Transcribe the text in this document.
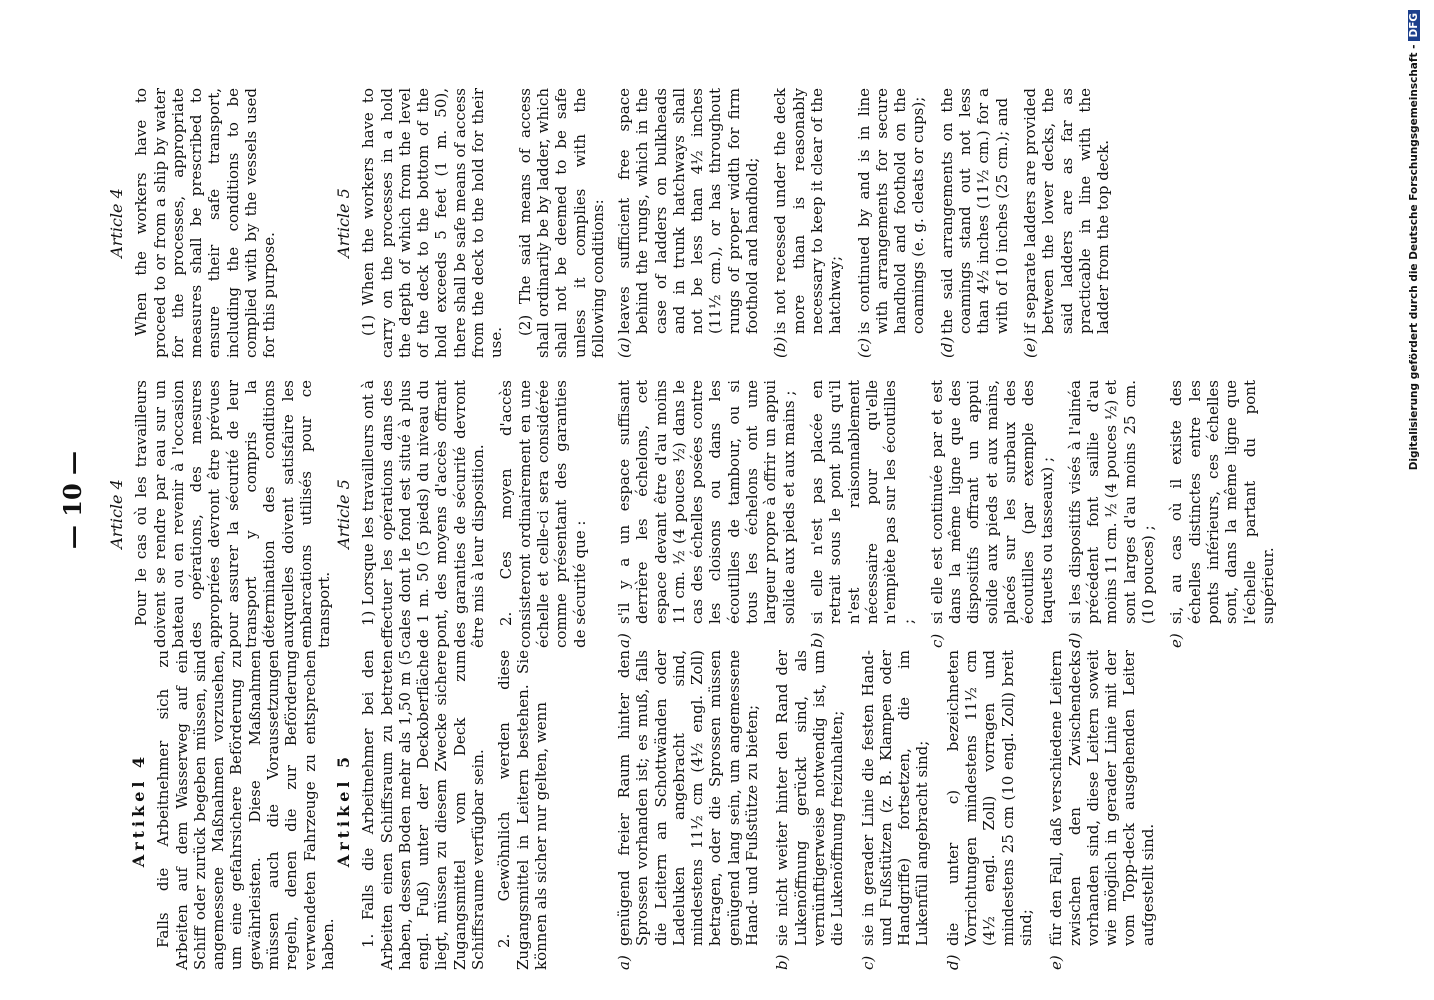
— 10 —
Artikel 4 Falls die Arbeitnehmer sich zu Arbeiten auf dem Wasserweg auf ein Schiff oder zurück begeben müssen, sind angemessene Maßnahmen vorzusehen, um eine gefahrsichere Beförderung zu gewährleisten. Diese Maßnahmen müssen auch die Voraussetzungen regeln, denen die zur Beförderung verwendeten Fahrzeuge zu entsprechen haben.

Artikel 5 1. Falls die Arbeitnehmer bei den Arbeiten einen Schiffsraum zu betreten haben, dessen Boden mehr als 1,50 m (5 engl. Fuß) unter der Deckoberfläche liegt, müssen zu diesem Zwecke sichere Zugangsmittel vom Deck zum Schiffsraume verfügbar sein. 2. Gewöhnlich werden diese Zugangsmittel in Leitern bestehen. Sie können als sicher nur gelten, wenn	a)
genügend freier Raum hinter den Sprossen vorhanden ist; es muß, falls die Leitern an Schottwänden oder Ladeluken angebracht sind, mindestens 11½ cm (4½ engl. Zoll) betragen, oder die Sprossen müssen genügend lang sein, um angemessene Hand- und Fußstütze zu bieten;
b)
sie nicht weiter hinter den Rand der Lukenöffnung gerückt sind, als vernünftigerweise notwendig ist, um die Lukenöffnung freizuhalten;
c)
sie in gerader Linie die festen Hand- und Fußstützen (z. B. Klampen oder Handgriffe) fortsetzen, die im Lukenfüll angebracht sind;
d)
die unter c) bezeichneten Vorrichtungen mindestens 11½ cm (4½ engl. Zoll) vorragen und mindestens 25 cm (10 engl. Zoll) breit sind;
e)
für den Fall, daß verschiedene Leitern zwischen den Zwischendecks vorhanden sind, diese Leitern soweit wie möglich in gerader Linie mit der vom Topp-deck ausgehenden Leiter aufgestellt sind.
Article 4 Pour le cas où les travailleurs doivent se rendre par eau sur un bateau ou en revenir à l'occasion des opérations, des mesures appropriées devront être prévues pour assurer la sécurité de leur transport y compris la détermination des conditions auxquelles doivent satisfaire les embarcations utilisés pour ce transport.

Article 5 1) Lorsque les travailleurs ont à effectuer les opérations dans des cales dont le fond est situé à plus de 1 m. 50 (5 pieds) du niveau du pont, des moyens d'accès offrant des garanties de sécurité devront être mis à leur disposition. 2. Ces moyen d'accès consisteront ordinairement en une échelle et celle-ci sera considérée comme présentant des garanties de sécurité que : a)
s'il y a un espace suffisant derrière les échelons, cet espace devant être d'au moins 11 cm. ½ (4 pouces ½) dans le cas des échelles posées contre les cloisons ou dans les écoutilles de tambour, ou si tous les échelons ont une largeur propre à offrir un appui solide aux pieds et aux mains ;
b)
si elle n'est pas placée en retrait sous le pont plus qu'il n'est raisonnablement nécessaire pour qu'elle n'empiète pas sur les écoutilles ;
c)
si elle est continuée par et est dans la même ligne que des dispositifs offrant un appui solide aux pieds et aux mains, placés sur les surbaux des écoutilles (par exemple des taquets ou tasseaux) ;
d)
si les dispositifs visés à l'alinéa précédent font saillie d'au moins 11 cm. ½ (4 pouces ½) et sont larges d'au moins 25 cm. (10 pouces) ;
e)
si, au cas où il existe des échelles distinctes entre les ponts inférieurs, ces échelles sont, dans la même ligne que l'échelle partant du pont supérieur.
Article 4 When the workers have to proceed to or from a ship by water for the processes, appropriate measures shall be prescribed to ensure their safe transport, including the conditions to be complied with by the vessels used for this purpose.

Article 5 (1) When the workers have to carry on the processes in a hold the depth of which from the level of the deck to the bottom of the hold exceeds 5 feet (1 m. 50), there shall be safe means of access from the deck to the hold for their use.

(2) The said means of access shall ordinarily be by ladder, which shall not be deemed to be safe unless it complies with the following conditions: (a)
leaves sufficient free space behind the rungs, which in the case of ladders on bulkheads and in trunk hatchways shall not be less than 4½ inches (11½ cm.), or has throughout rungs of proper width for firm foothold and handhold;
(b)
is not recessed under the deck more than is reasonably necessary to keep it clear of the hatchway;
(c)
is continued by and is in line with arrangements for secure handhold and foothold on the coamings (e. g. cleats or cups);
(d)
the said arrangements on the coamings stand out not less than 4½ inches (11½ cm.) for a with of 10 inches (25 cm.); and
(e)
if separate ladders are provided between the lower decks, the said ladders are as far as practicable in line with the ladder from the top deck.	Digitalisierung gefördert durch die Deutsche Forschungsgemeinschaft -DFG
